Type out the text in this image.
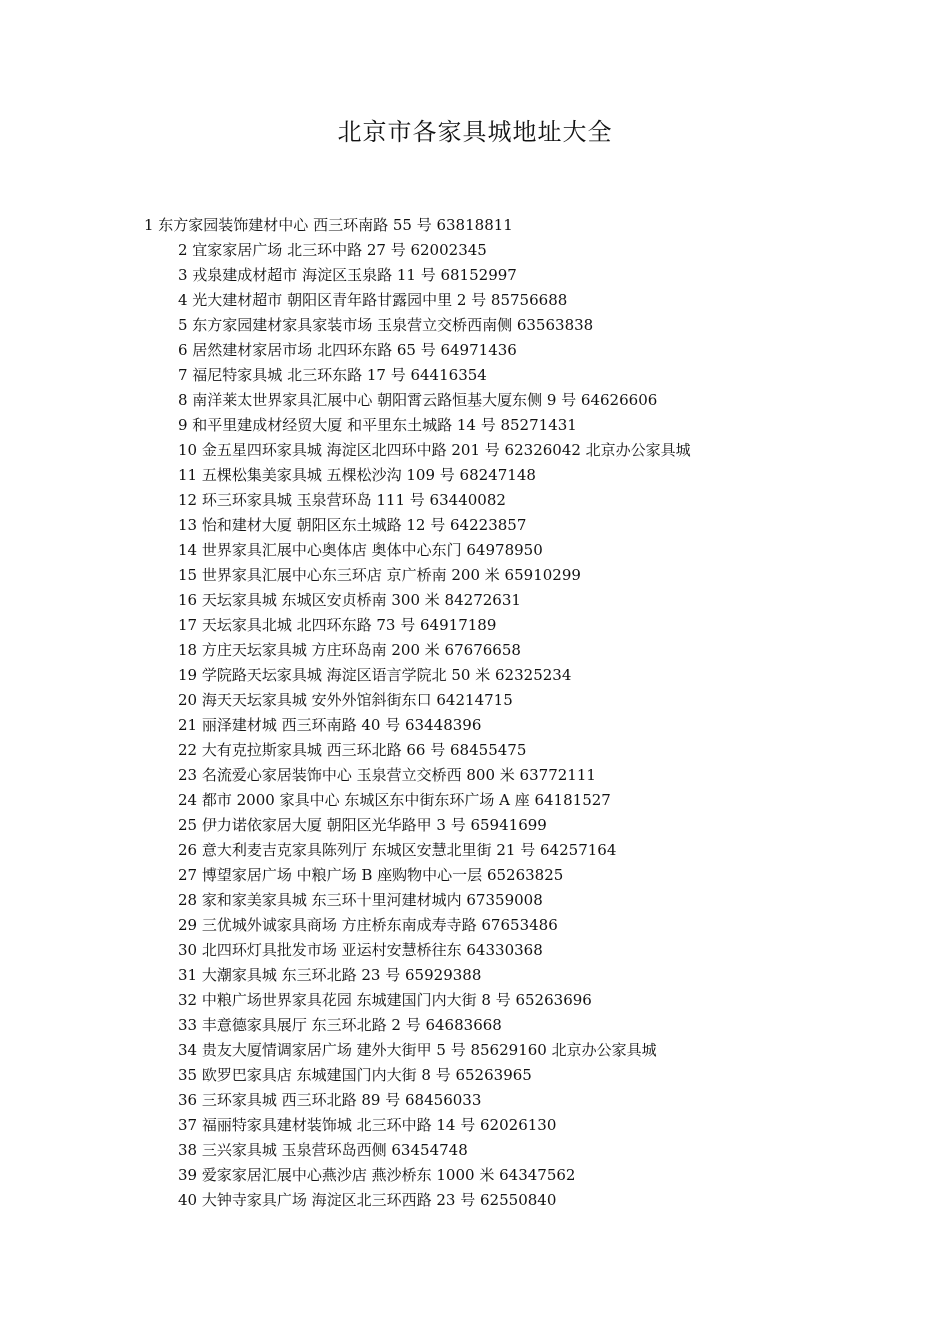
北京市各家具城地址大全
1 东方家园装饰建材中心 西三环南路 55 号 63818811
2 宜家家居广场 北三环中路 27 号 62002345
3 戎泉建成材超市 海淀区玉泉路 11 号 68152997
4 光大建材超市 朝阳区青年路甘露园中里 2 号 85756688
5 东方家园建材家具家装市场 玉泉营立交桥西南侧 63563838
6 居然建材家居市场 北四环东路 65 号 64971436
7 福尼特家具城 北三环东路 17 号 64416354
8 南洋莱太世界家具汇展中心 朝阳霄云路恒基大厦东侧 9 号 64626606
9 和平里建成材经贸大厦 和平里东土城路 14 号 85271431
10 金五星四环家具城 海淀区北四环中路 201 号 62326042 北京办公家具城
11 五棵松集美家具城 五棵松沙沟 109 号 68247148
12 环三环家具城 玉泉营环岛 111 号 63440082
13 怡和建材大厦 朝阳区东土城路 12 号 64223857
14 世界家具汇展中心奥体店 奥体中心东门 64978950
15 世界家具汇展中心东三环店 京广桥南 200 米 65910299
16 天坛家具城 东城区安贞桥南 300 米 84272631
17 天坛家具北城 北四环东路 73 号 64917189
18 方庄天坛家具城 方庄环岛南 200 米 67676658
19 学院路天坛家具城 海淀区语言学院北 50 米 62325234
20 海天天坛家具城 安外外馆斜街东口 64214715
21 丽泽建材城 西三环南路 40 号 63448396
22 大有克拉斯家具城 西三环北路 66 号 68455475
23 名流爱心家居装饰中心 玉泉营立交桥西 800 米 63772111
24 都市 2000 家具中心 东城区东中街东环广场 A 座 64181527
25 伊力诺依家居大厦 朝阳区光华路甲 3 号 65941699
26 意大利麦吉克家具陈列厅 东城区安慧北里街 21 号 64257164
27 博望家居广场 中粮广场 B 座购物中心一层 65263825
28 家和家美家具城 东三环十里河建材城内 67359008
29 三优城外诚家具商场 方庄桥东南成寿寺路 67653486
30 北四环灯具批发市场 亚运村安慧桥往东 64330368
31 大潮家具城 东三环北路 23 号 65929388
32 中粮广场世界家具花园 东城建国门内大街 8 号 65263696
33 丰意德家具展厅 东三环北路 2 号 64683668
34 贵友大厦情调家居广场 建外大街甲 5 号 85629160 北京办公家具城
35 欧罗巴家具店 东城建国门内大街 8 号 65263965
36 三环家具城 西三环北路 89 号 68456033
37 福丽特家具建材装饰城 北三环中路 14 号 62026130
38 三兴家具城 玉泉营环岛西侧 63454748
39 爱家家居汇展中心燕沙店 燕沙桥东 1000 米 64347562
40 大钟寺家具广场 海淀区北三环西路 23 号 62550840
